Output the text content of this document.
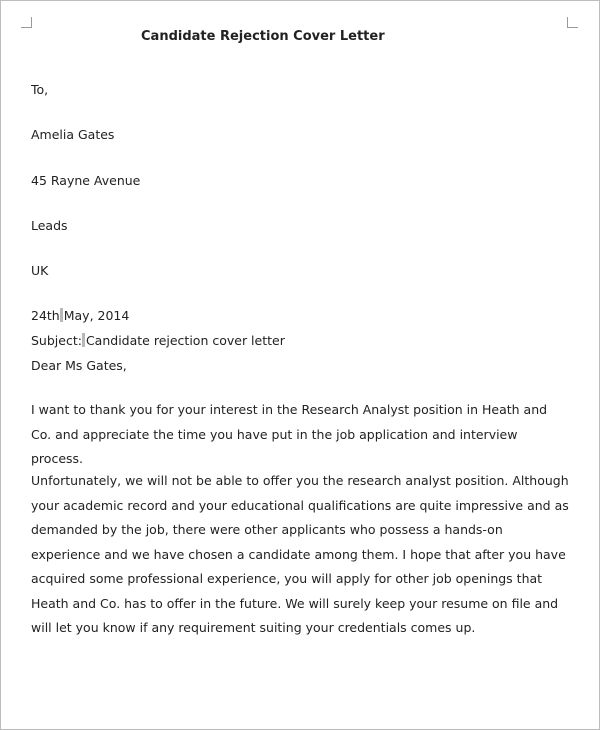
Candidate Rejection Cover Letter
To,
Amelia Gates
45 Rayne Avenue
Leads
UK
24th May, 2014
Subject: Candidate rejection cover letter
Dear Ms Gates,
I want to thank you for your interest in the Research Analyst position in Heath and Co. and appreciate the time you have put in the job application and interview process.
Unfortunately, we will not be able to offer you the research analyst position. Although your academic record and your educational qualifications are quite impressive and as demanded by the job, there were other applicants who possess a hands-on experience and we have chosen a candidate among them. I hope that after you have acquired some professional experience, you will apply for other job openings that Heath and Co. has to offer in the future. We will surely keep your resume on file and will let you know if any requirement suiting your credentials comes up.
